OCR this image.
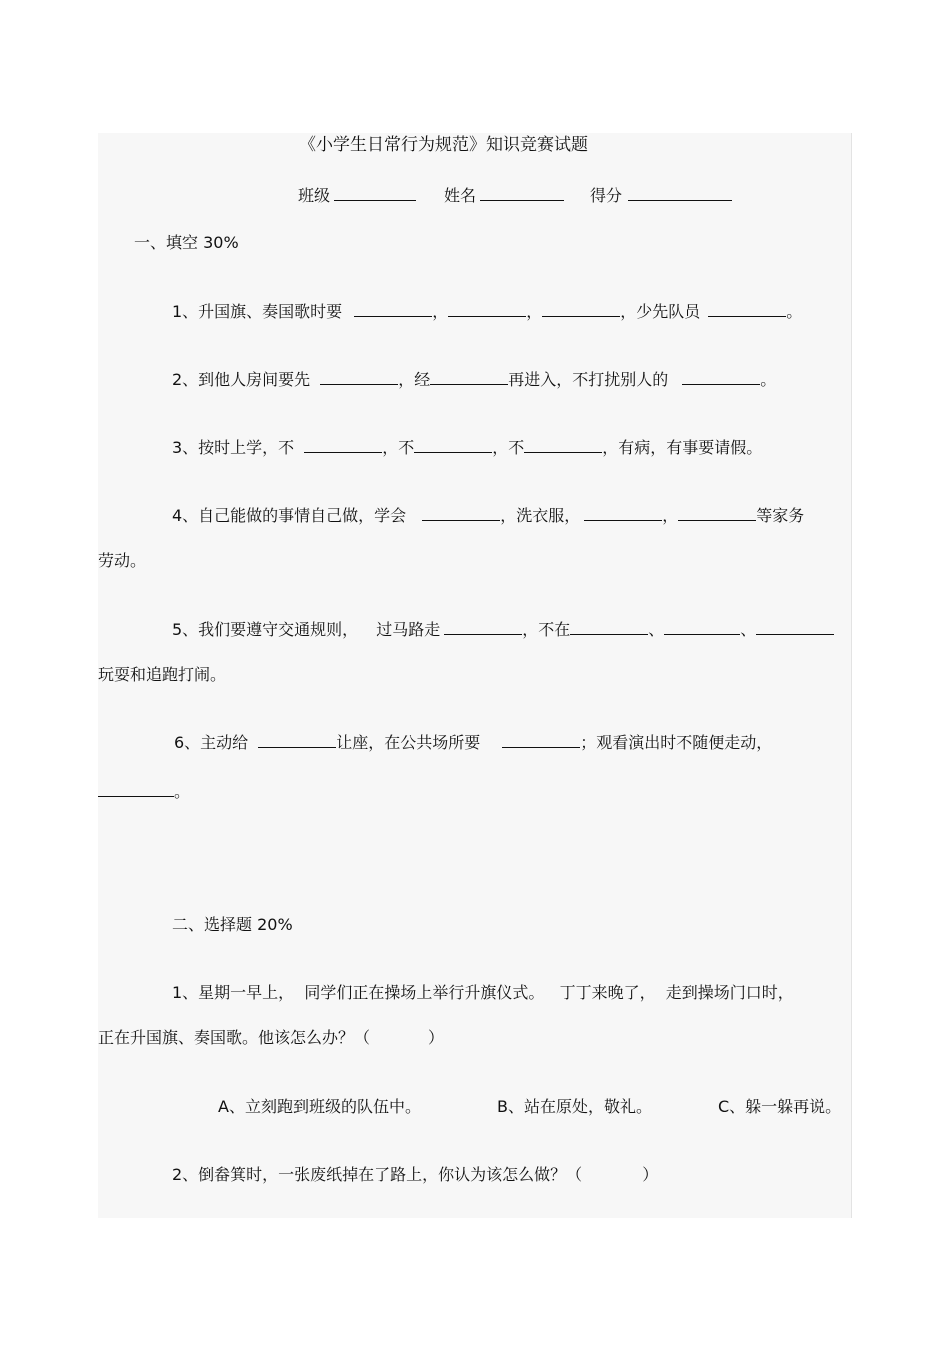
《小学生日常行为规范》知识竞赛试题
班级	姓名	得分
一、填空 30%
1、升国旗、奏国歌时要	，	，	，少先队员	。
2、到他人房间要先	，经	再进入，不打扰别人的	。
3、按时上学，不	，不	，不	，有病，有事要请假。
4、自己能做的事情自己做，学会	，洗衣服，	，	等家务
劳动。
5、我们要遵守交通规则， 过马路走	，不在	、	、
玩耍和追跑打闹。
6、主动给	让座，在公共场所要	；观看演出时不随便走动，
。
二、选择题 20%
1、星期一早上，  同学们正在操场上举行升旗仪式。   丁丁来晚了，  走到操场门口时，
正在升国旗、奏国歌。他该怎么办？（	）
A、立刻跑到班级的队伍中。	B、站在原处，敬礼。	C、躲一躲再说。
2、倒畚箕时，一张废纸掉在了路上，你认为该怎么做？（	）
